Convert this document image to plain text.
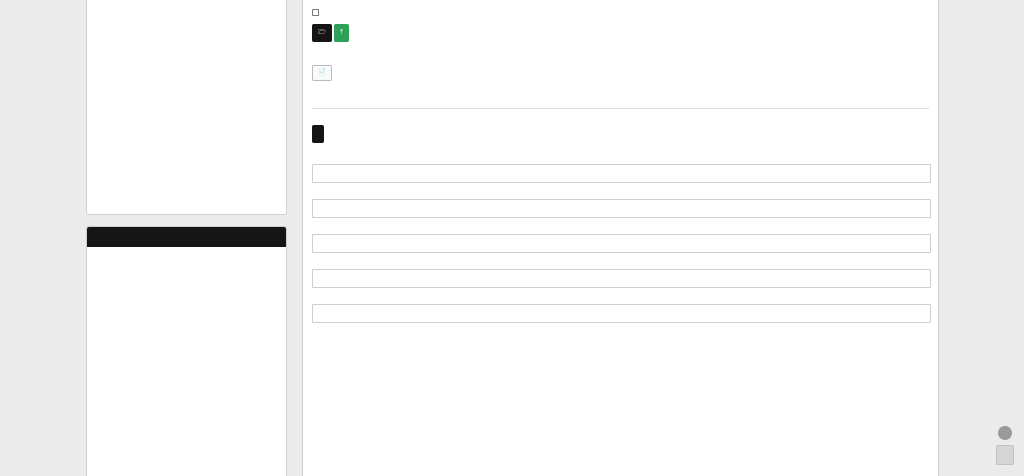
🗁	⤒
📄
